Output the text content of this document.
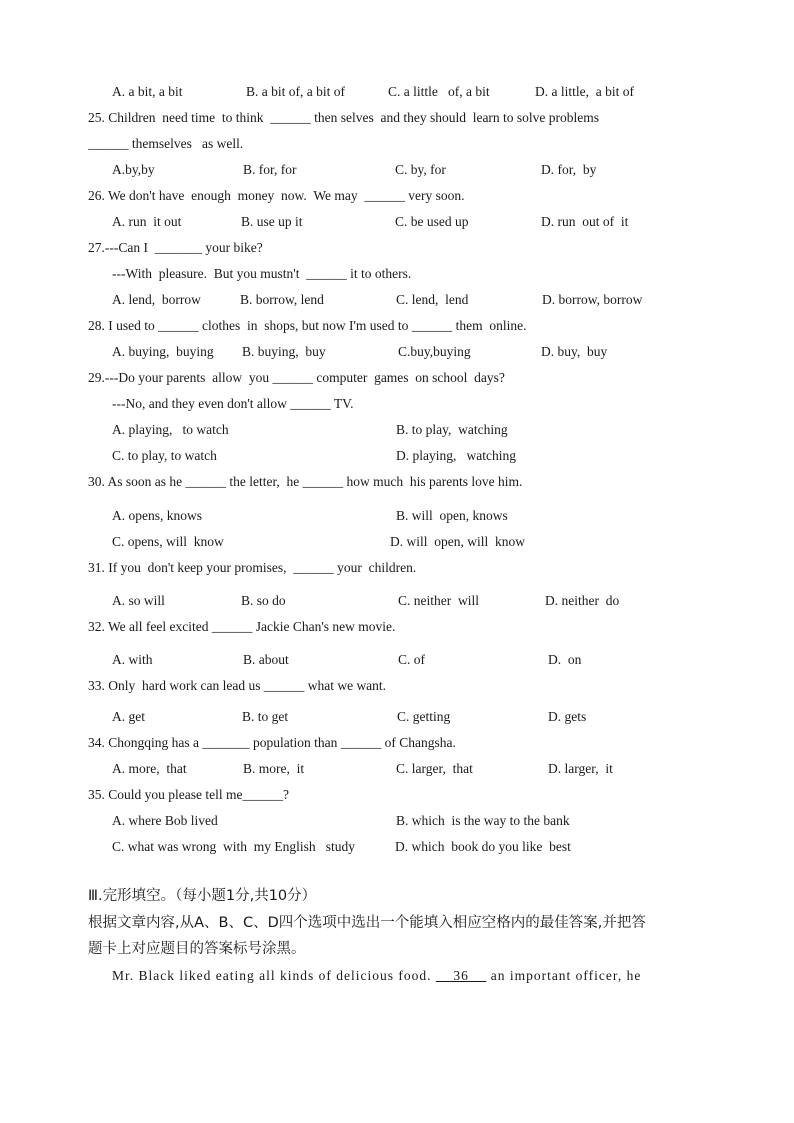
A. a bit, a bit	B. a bit of, a bit of	C. a little   of, a bit	D. a little,  a bit of
25. Children  need time  to think  ______ then selves  and they should  learn to solve problems
______ themselves   as well.
A.by,by	B. for, for	C. by, for	D. for,  by
26. We don't have  enough  money  now.  We may  ______ very soon.
A. run  it out	B. use up it	C. be used up	D. run  out of  it
27.---Can I  _______ your bike?
---With  pleasure.  But you mustn't  ______ it to others.
A. lend,  borrow	B. borrow, lend	C. lend,  lend	D. borrow, borrow
28. I used to ______ clothes  in  shops, but now I'm used to ______ them  online.
A. buying,  buying B. buying,  buy	C.buy,buying	D. buy,  buy
29.---Do your parents  allow  you ______ computer  games  on school  days?
---No, and they even don't allow ______ TV.
A. playing,   to watch	B. to play,  watching
C. to play, to watch	D. playing,   watching
30. As soon as he ______ the letter,  he ______ how much  his parents love him.
A. opens, knows	B. will  open, knows
C. opens, will  know	D. will  open, will  know
31. If you  don't keep your promises,  ______ your  children.
A. so will	B. so do	C. neither  will	D. neither  do
32. We all feel excited ______ Jackie Chan's new movie.
A. with	B. about	C. of	D.  on
33. Only  hard work can lead us ______ what we want.
A. get	B. to get	C. getting	D. gets
34. Chongqing has a _______ population than ______ of Changsha.
A. more,  that	B. more,  it	C. larger,  that	D. larger,  it
35. Could you please tell me______?
A. where Bob lived	B. which  is the way to the bank
C. what was wrong  with  my English   study	D. which  book do you like  best
Ⅲ.完形填空。（每小题1分,共10分）
根据文章内容,从A、B、C、D四个选项中选出一个能填入相应空格内的最佳答案,并把答
题卡上对应题目的答案标号涂黑。
Mr. Black liked eating all kinds of delicious food.     36     an important officer, he
